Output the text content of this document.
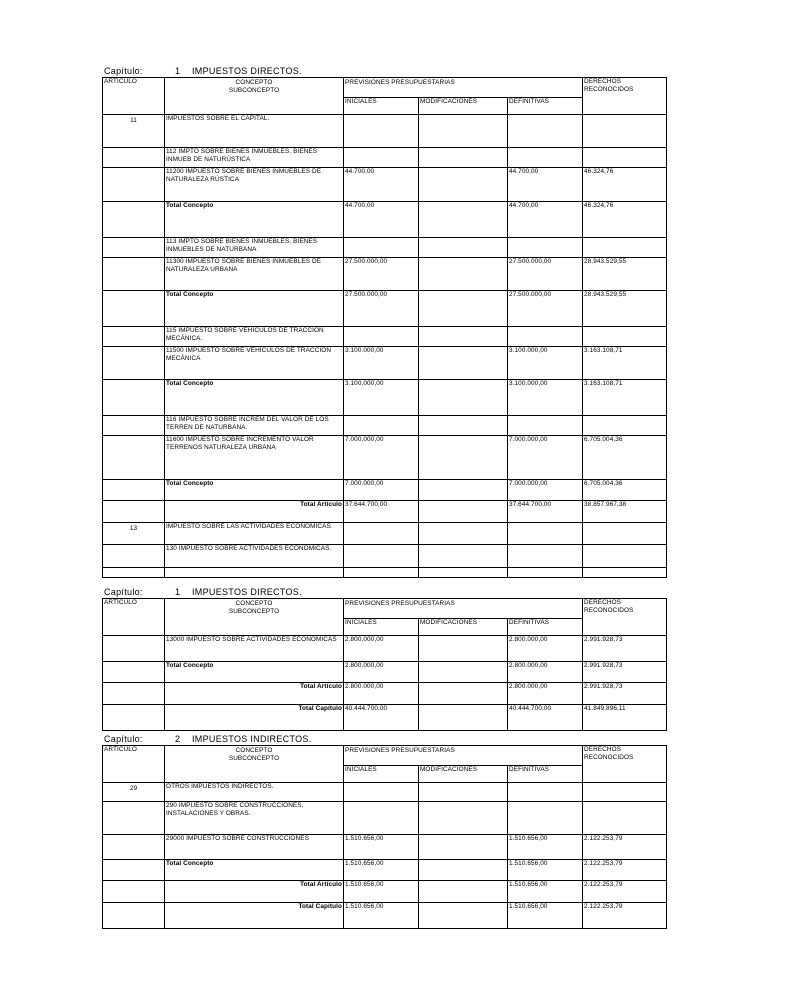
Capítulo:	1 IMPUESTOS DIRECTOS.
ARTÍCULO	CONCEPTO
SUBCONCEPTO
	PREVISIONES PRESUPUESTARIAS	DERECHOS
RECONOCIDOS

INICIALES	MODIFICACIONES	DEFINITIVAS
11	IMPUESTOS SOBRE EL CAPITAL.				
	112 IMPTO SOBRE BIENES INMUEBLES. BIENES INMUEB DE NATURÚSTICA				
	11200 IMPUESTO SOBRE BIENES INMUEBLES DE NATURALEZA RÚSTICA	44.700,00		44.700,00	46.324,76
	Total Concepto	44.700,00		44.700,00	46.324,76
	113 IMPTO SOBRE BIENES INMUEBLES. BIENES INMUEBLES DE NATURBANA				
	11300 IMPUESTO SOBRE BIENES INMUEBLES DE NATURALEZA URBANA	27.500.000,00		27.500.000,00	28.943.529,55
	Total Concepto	27.500.000,00		27.500.000,00	28.943.529,55
	115 IMPUESTO SOBRE VEHÍCULOS DE TRACCIÓN MECÁNICA.				
	11500 IMPUESTO SOBRE VEHÍCULOS DE TRACCIÓN MECÁNICA	3.100.000,00		3.100.000,00	3.163.108,71
	Total Concepto	3.100.000,00		3.100.000,00	3.163.108,71
	116 IMPUESTO SOBRE INCREM DEL VALOR DE LOS TERREN DE NATURBANA.				
	11600 IMPUESTO SOBRE INCREMENTO VALOR TERRENOS NATURALEZA URBANA	7.000.000,00		7.000.000,00	6.705.004,36
	Total Concepto	7.000.000,00		7.000.000,00	6.705.004,36
	Total Artículo	37.644.700,00		37.644.700,00	38.857.967,38
13	IMPUESTO SOBRE LAS ACTIVIDADES ECONÓMICAS.				
	130 IMPUESTO SOBRE ACTIVIDADES ECONÓMICAS.				

Capítulo:	1 IMPUESTOS DIRECTOS.
ARTÍCULO	CONCEPTO
SUBCONCEPTO
	PREVISIONES PRESUPUESTARIAS	DERECHOS
RECONOCIDOS

INICIALES	MODIFICACIONES	DEFINITIVAS
	13000 IMPUESTO SOBRE ACTIVIDADES ECONÓMICAS	2.800.000,00		2.800.000,00	2.991.928,73
	Total Concepto	2.800.000,00		2.800.000,00	2.991.928,73
	Total Artículo	2.800.000,00		2.800.000,00	2.991.928,73
	Total Capítulo	40.444.700,00		40.444.700,00	41.849.896,11
Capítulo:	2 IMPUESTOS INDIRECTOS.
ARTÍCULO	CONCEPTO
SUBCONCEPTO
	PREVISIONES PRESUPUESTARIAS	DERECHOS
RECONOCIDOS

INICIALES	MODIFICACIONES	DEFINITIVAS
29	OTROS IMPUESTOS INDIRECTOS.				
	290 IMPUESTO SOBRE CONSTRUCCIONES, INSTALACIONES Y OBRAS.				
	29000 IMPUESTO SOBRE CONSTRUCCIONES	1.510.656,00		1.510.656,00	2.122.253,79
	Total Concepto	1.510.656,00		1.510.656,00	2.122.253,79
	Total Artículo	1.510.656,00		1.510.656,00	2.122.253,79
	Total Capítulo	1.510.656,00		1.510.656,00	2.122.253,79
